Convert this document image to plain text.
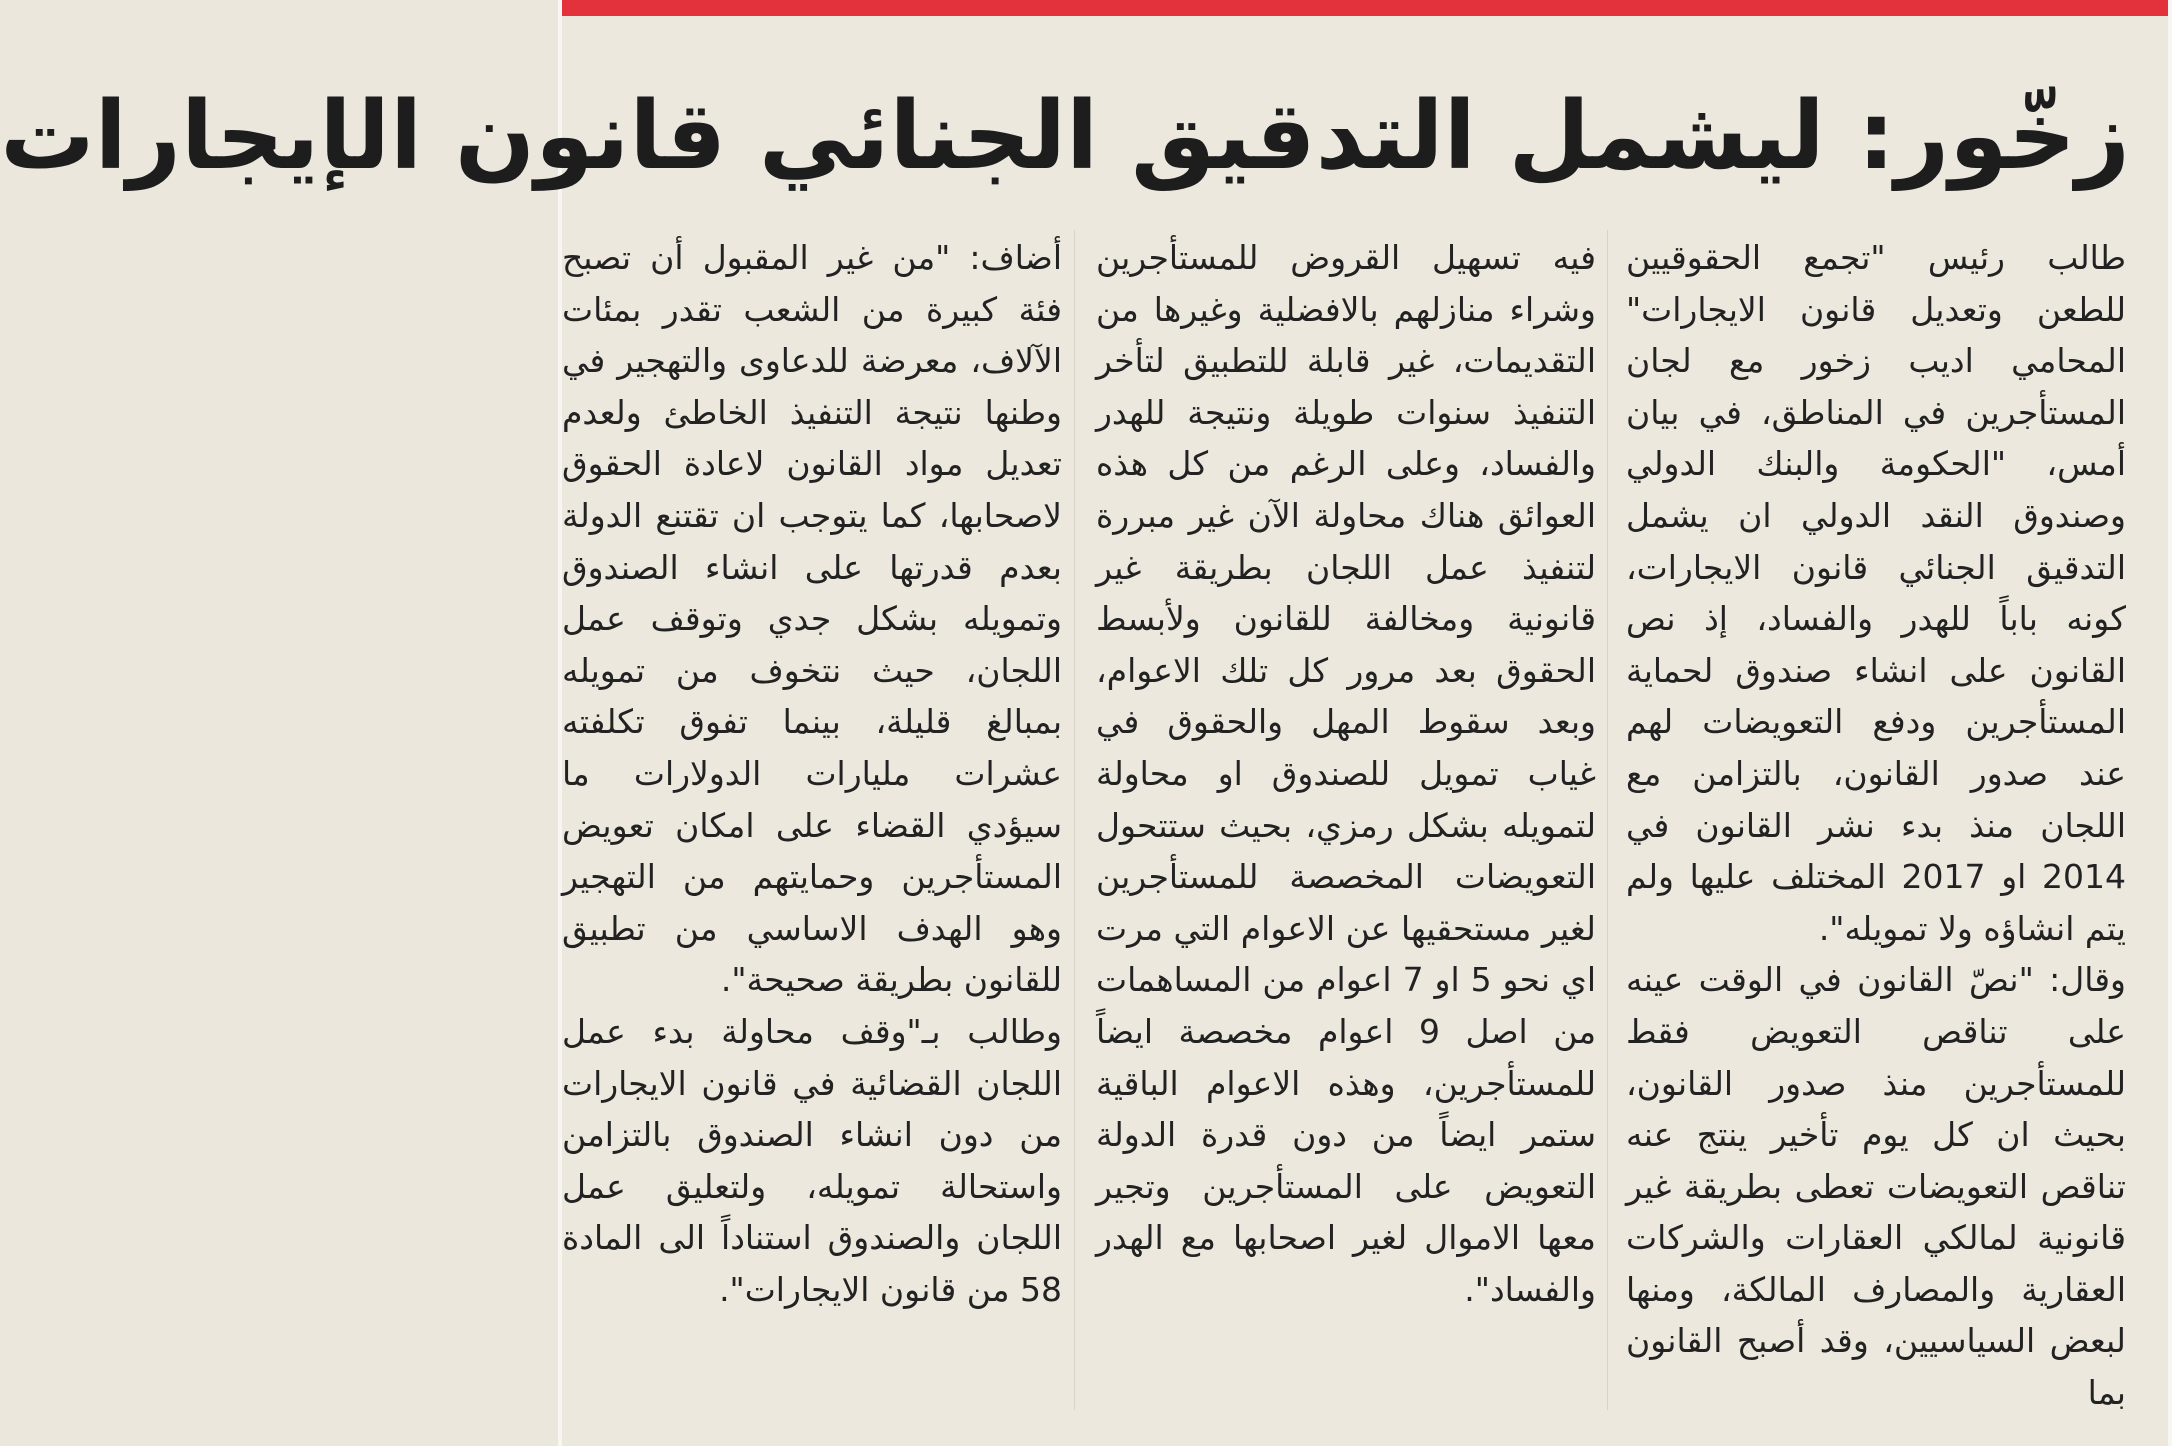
زخّور: ليشمل التدقيق الجنائي قانون الإيجارات

طالب رئيس "تجمع الحقوقيين للطعن وتعديل قانون الايجارات" المحامي اديب زخور مع لجان المستأجرين في المناطق، في بيان أمس، "الحكومة والبنك الدولي وصندوق النقد الدولي ان يشمل التدقيق الجنائي قانون الايجارات، كونه باباً للهدر والفساد، إذ نص القانون على انشاء صندوق لحماية المستأجرين ودفع التعويضات لهم عند صدور القانون، بالتزامن مع اللجان منذ بدء نشر القانون في 2014 او 2017 المختلف عليها ولم يتم انشاؤه ولا تمويله".

وقال: "نصّ القانون في الوقت عينه على تناقص التعويض فقط للمستأجرين منذ صدور القانون، بحيث ان كل يوم تأخير ينتج عنه تناقص التعويضات تعطى بطريقة غير قانونية لمالكي العقارات والشركات العقارية والمصارف المالكة، ومنها لبعض السياسيين، وقد أصبح القانون بما

فيه تسهيل القروض للمستأجرين وشراء منازلهم بالافضلية وغيرها من التقديمات، غير قابلة للتطبيق لتأخر التنفيذ سنوات طويلة ونتيجة للهدر والفساد، وعلى الرغم من كل هذه العوائق هناك محاولة الآن غير مبررة لتنفيذ عمل اللجان بطريقة غير قانونية ومخالفة للقانون ولأبسط الحقوق بعد مرور كل تلك الاعوام، وبعد سقوط المهل والحقوق في غياب تمويل للصندوق او محاولة لتمويله بشكل رمزي، بحيث ستتحول التعويضات المخصصة للمستأجرين لغير مستحقيها عن الاعوام التي مرت اي نحو 5 او 7 اعوام من المساهمات من اصل 9 اعوام مخصصة ايضاً للمستأجرين، وهذه الاعوام الباقية ستمر ايضاً من دون قدرة الدولة التعويض على المستأجرين وتجير معها الاموال لغير اصحابها مع الهدر والفساد".

أضاف: "من غير المقبول أن تصبح فئة كبيرة من الشعب تقدر بمئات الآلاف، معرضة للدعاوى والتهجير في وطنها نتيجة التنفيذ الخاطئ ولعدم تعديل مواد القانون لاعادة الحقوق لاصحابها، كما يتوجب ان تقتنع الدولة بعدم قدرتها على انشاء الصندوق وتمويله بشكل جدي وتوقف عمل اللجان، حيث نتخوف من تمويله بمبالغ قليلة، بينما تفوق تكلفته عشرات مليارات الدولارات ما سيؤدي القضاء على امكان تعويض المستأجرين وحمايتهم من التهجير وهو الهدف الاساسي من تطبيق للقانون بطريقة صحيحة".

وطالب بـ"وقف محاولة بدء عمل اللجان القضائية في قانون الايجارات من دون انشاء الصندوق بالتزامن واستحالة تمويله، ولتعليق عمل اللجان والصندوق استناداً الى المادة 58 من قانون الايجارات".
